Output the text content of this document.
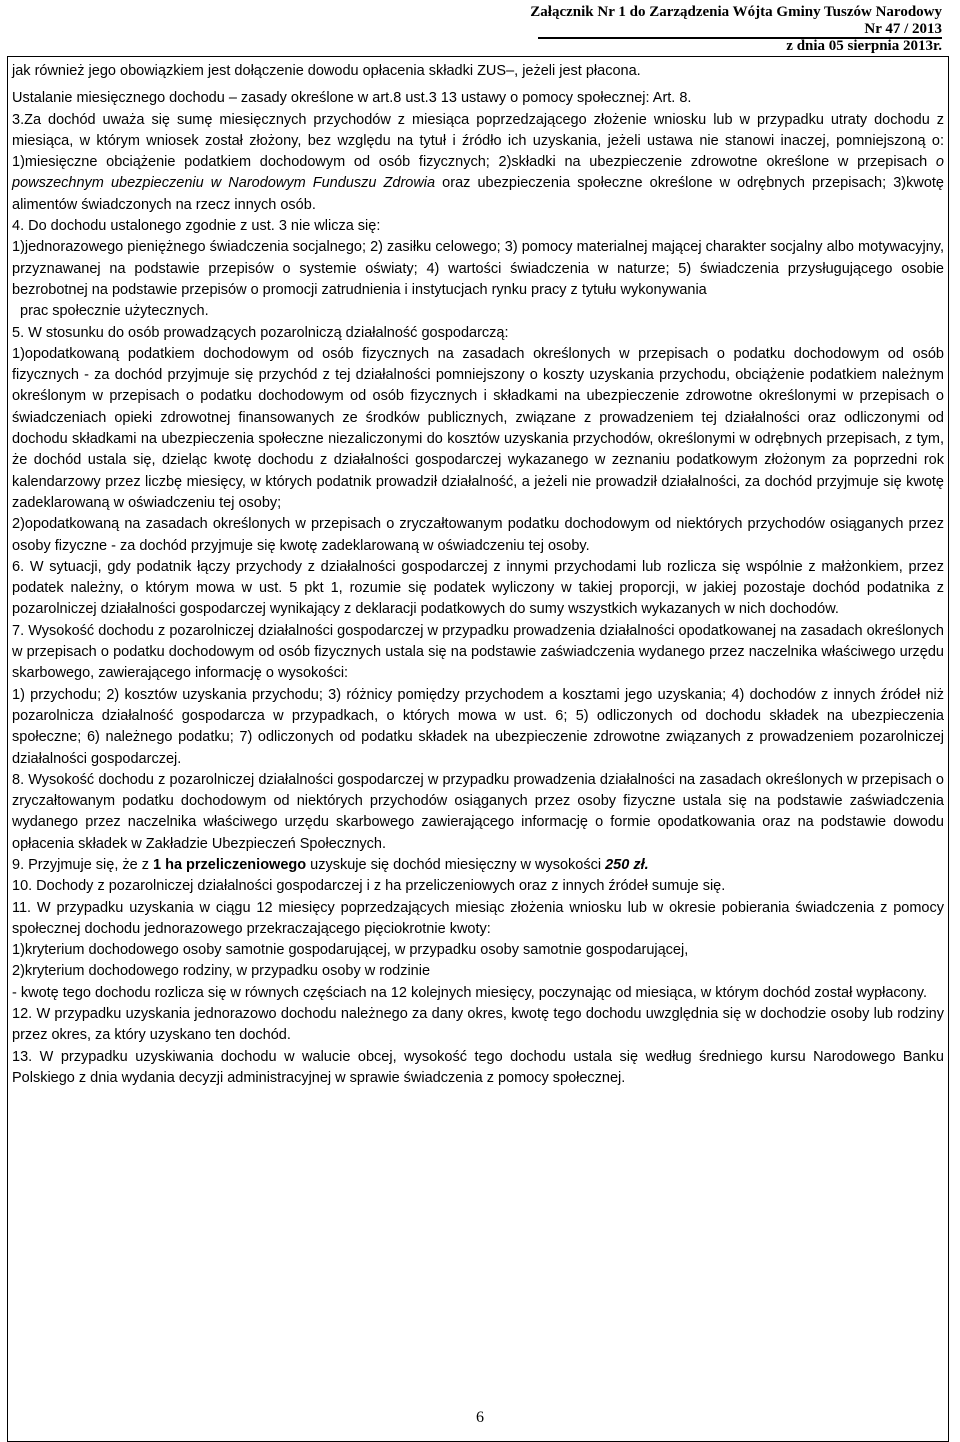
Załącznik Nr 1 do Zarządzenia Wójta Gminy Tuszów Narodowy Nr 47 / 2013
z dnia 05 sierpnia 2013r.

jak również jego obowiązkiem jest dołączenie dowodu opłacenia składki ZUS–, jeżeli jest płacona.

Ustalanie miesięcznego dochodu – zasady określone w art.8 ust.3 13 ustawy o pomocy społecznej: Art. 8.

3.Za dochód uważa się sumę miesięcznych przychodów z miesiąca poprzedzającego złożenie wniosku lub w przypadku utraty dochodu z miesiąca, w którym wniosek został złożony, bez względu na tytuł i źródło ich uzyskania, jeżeli ustawa nie stanowi inaczej, pomniejszoną o: 1)miesięczne obciążenie podatkiem dochodowym od osób fizycznych; 2)składki na ubezpieczenie zdrowotne określone w przepisach o powszechnym ubezpieczeniu w Narodowym Funduszu Zdrowia oraz ubezpieczenia społeczne określone w odrębnych przepisach; 3)kwotę alimentów świadczonych na rzecz innych osób.

4. Do dochodu ustalonego zgodnie z ust. 3 nie wlicza się:

1)jednorazowego pieniężnego świadczenia socjalnego; 2) zasiłku celowego; 3) pomocy materialnej mającej charakter socjalny albo motywacyjny, przyznawanej na podstawie przepisów o systemie oświaty; 4) wartości świadczenia w naturze; 5) świadczenia przysługującego osobie bezrobotnej na podstawie przepisów o promocji zatrudnienia i instytucjach rynku pracy z tytułu wykonywania

prac społecznie użytecznych.

5. W stosunku do osób prowadzących pozarolniczą działalność gospodarczą:

1)opodatkowaną podatkiem dochodowym od osób fizycznych na zasadach określonych w przepisach o podatku dochodowym od osób fizycznych - za dochód przyjmuje się przychód z tej działalności pomniejszony o koszty uzyskania przychodu, obciążenie podatkiem należnym określonym w przepisach o podatku dochodowym od osób fizycznych i składkami na ubezpieczenie zdrowotne określonymi w przepisach o świadczeniach opieki zdrowotnej finansowanych ze środków publicznych, związane z prowadzeniem tej działalności oraz odliczonymi od dochodu składkami na ubezpieczenia społeczne niezaliczonymi do kosztów uzyskania przychodów, określonymi w odrębnych przepisach, z tym, że dochód ustala się, dzieląc kwotę dochodu z działalności gospodarczej wykazanego w zeznaniu podatkowym złożonym za poprzedni rok kalendarzowy przez liczbę miesięcy, w których podatnik prowadził działalność, a jeżeli nie prowadził działalności, za dochód przyjmuje się kwotę zadeklarowaną w oświadczeniu tej osoby;

2)opodatkowaną na zasadach określonych w przepisach o zryczałtowanym podatku dochodowym od niektórych przychodów osiąganych przez osoby fizyczne - za dochód przyjmuje się kwotę zadeklarowaną w oświadczeniu tej osoby.

6. W sytuacji, gdy podatnik łączy przychody z działalności gospodarczej z innymi przychodami lub rozlicza się wspólnie z małżonkiem, przez podatek należny, o którym mowa w ust. 5 pkt 1, rozumie się podatek wyliczony w takiej proporcji, w jakiej pozostaje dochód podatnika z pozarolniczej działalności gospodarczej wynikający z deklaracji podatkowych do sumy wszystkich wykazanych w nich dochodów.

7. Wysokość dochodu z pozarolniczej działalności gospodarczej w przypadku prowadzenia działalności opodatkowanej na zasadach określonych w przepisach o podatku dochodowym od osób fizycznych ustala się na podstawie zaświadczenia wydanego przez naczelnika właściwego urzędu skarbowego, zawierającego informację o wysokości:

1) przychodu; 2) kosztów uzyskania przychodu; 3) różnicy pomiędzy przychodem a kosztami jego uzyskania; 4) dochodów z innych źródeł niż pozarolnicza działalność gospodarcza w przypadkach, o których mowa w ust. 6; 5) odliczonych od dochodu składek na ubezpieczenia społeczne; 6) należnego podatku; 7) odliczonych od podatku składek na ubezpieczenie zdrowotne związanych z prowadzeniem pozarolniczej działalności gospodarczej.

8. Wysokość dochodu z pozarolniczej działalności gospodarczej w przypadku prowadzenia działalności na zasadach określonych w przepisach o zryczałtowanym podatku dochodowym od niektórych przychodów osiąganych przez osoby fizyczne ustala się na podstawie zaświadczenia wydanego przez naczelnika właściwego urzędu skarbowego zawierającego informację o formie opodatkowania oraz na podstawie dowodu opłacenia składek w Zakładzie Ubezpieczeń Społecznych.

9. Przyjmuje się, że z 1 ha przeliczeniowego uzyskuje się dochód miesięczny w wysokości 250 zł.

10. Dochody z pozarolniczej działalności gospodarczej i z ha przeliczeniowych oraz z innych źródeł sumuje się.

11. W przypadku uzyskania w ciągu 12 miesięcy poprzedzających miesiąc złożenia wniosku lub w okresie pobierania świadczenia z pomocy społecznej dochodu jednorazowego przekraczającego pięciokrotnie kwoty:

1)kryterium dochodowego osoby samotnie gospodarującej, w przypadku osoby samotnie gospodarującej,

2)kryterium dochodowego rodziny, w przypadku osoby w rodzinie

- kwotę tego dochodu rozlicza się w równych częściach na 12 kolejnych miesięcy, poczynając od miesiąca, w którym dochód został wypłacony.

12. W przypadku uzyskania jednorazowo dochodu należnego za dany okres, kwotę tego dochodu uwzględnia się w dochodzie osoby lub rodziny przez okres, za który uzyskano ten dochód.

13. W przypadku uzyskiwania dochodu w walucie obcej, wysokość tego dochodu ustala się według średniego kursu Narodowego Banku Polskiego z dnia wydania decyzji administracyjnej w sprawie świadczenia z pomocy społecznej.

6
